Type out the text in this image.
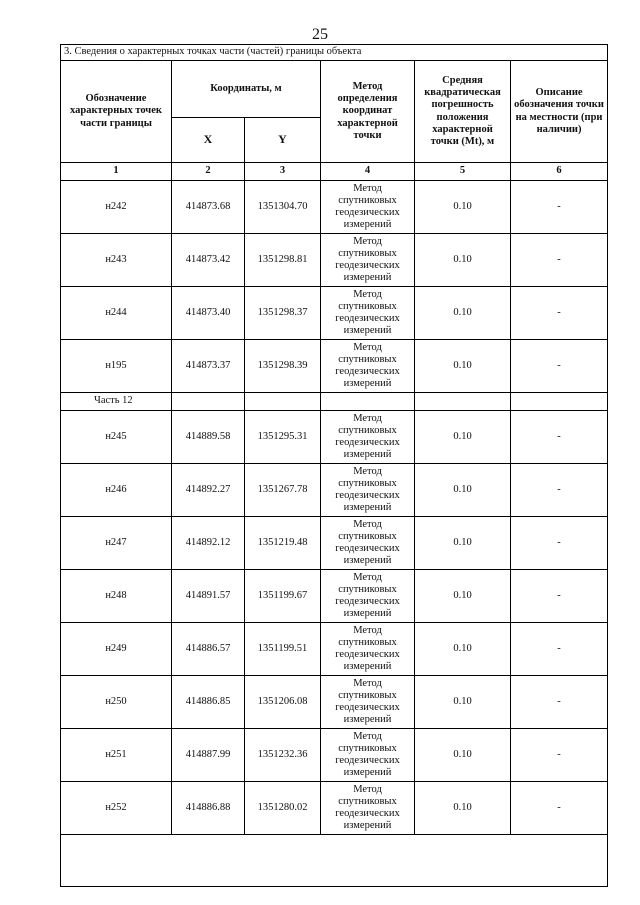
25
3. Сведения о характерных точках части (частей) границы объекта					
Обозначение характерных точек части границы	Координаты, м		Метод определения координат характерной точки	Средняя квадратическая погрешность положения характерной точки (Mt), м	Описание обозначения точки на местности (при наличии)
	X	Y			
1	2	3	4	5	6
н242	414873.68	1351304.70	Метод спутниковых геодезических измерений	0.10	-
н243	414873.42	1351298.81	Метод спутниковых геодезических измерений	0.10	-
н244	414873.40	1351298.37	Метод спутниковых геодезических измерений	0.10	-
н195	414873.37	1351298.39	Метод спутниковых геодезических измерений	0.10	-
Часть 12					
н245	414889.58	1351295.31	Метод спутниковых геодезических измерений	0.10	-
н246	414892.27	1351267.78	Метод спутниковых геодезических измерений	0.10	-
н247	414892.12	1351219.48	Метод спутниковых геодезических измерений	0.10	-
н248	414891.57	1351199.67	Метод спутниковых геодезических измерений	0.10	-
н249	414886.57	1351199.51	Метод спутниковых геодезических измерений	0.10	-
н250	414886.85	1351206.08	Метод спутниковых геодезических измерений	0.10	-
н251	414887.99	1351232.36	Метод спутниковых геодезических измерений	0.10	-
н252	414886.88	1351280.02	Метод спутниковых геодезических измерений	0.10	-
